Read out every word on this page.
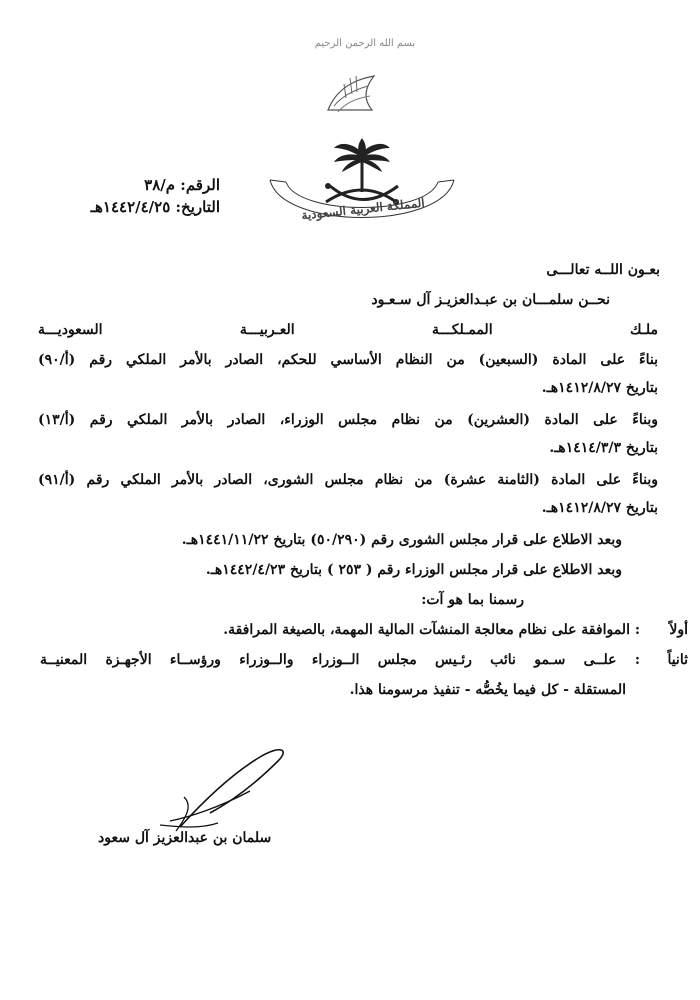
بسم الله الرحمن الرحيم
المملكة العربية السعودية
الرقم: م/٣٨
التاريخ: ١٤٤٢/٤/٢٥هـ
بعـون اللــه تعالـــى
نحــن سلمـــان بن عبـدالعزيـز آل سـعـود
ملـك الممـلكـــة العـربيـــة السعوديـــة
بناءً على المادة (السبعين) من النظام الأساسي للحكم، الصادر بالأمر الملكي رقم (أ/٩٠)
بتاريخ ١٤١٢/٨/٢٧هـ.
وبناءً على المادة (العشرين) من نظام مجلس الوزراء، الصادر بالأمر الملكي رقم (أ/١٣)
بتاريخ ١٤١٤/٣/٣هـ.
وبناءً على المادة (الثامنة عشرة) من نظام مجلس الشورى، الصادر بالأمر الملكي رقم (أ/٩١)
بتاريخ ١٤١٢/٨/٢٧هـ.
وبعد الاطلاع على قرار مجلس الشورى رقم (٥٠/٢٩٠) بتاريخ ١٤٤١/١١/٢٢هـ.
وبعد الاطلاع على قرار مجلس الوزراء رقم ( ٢٥٣ ) بتاريخ ١٤٤٢/٤/٢٣هـ.
رسمنا بما هو آت:
أولاً
: الموافقة على نظام معالجة المنشآت المالية المهمة، بالصيغة المرافقة.
ثانياً
: علــى سـمو نائب رئـيس مجلس الــوزراء والــوزراء ورؤســاء الأجهـزة المعنيــة
المستقلة - كل فيما يخُصُّه - تنفيذ مرسومنا هذا.
سلمان بن عبدالعزيز آل سعود
